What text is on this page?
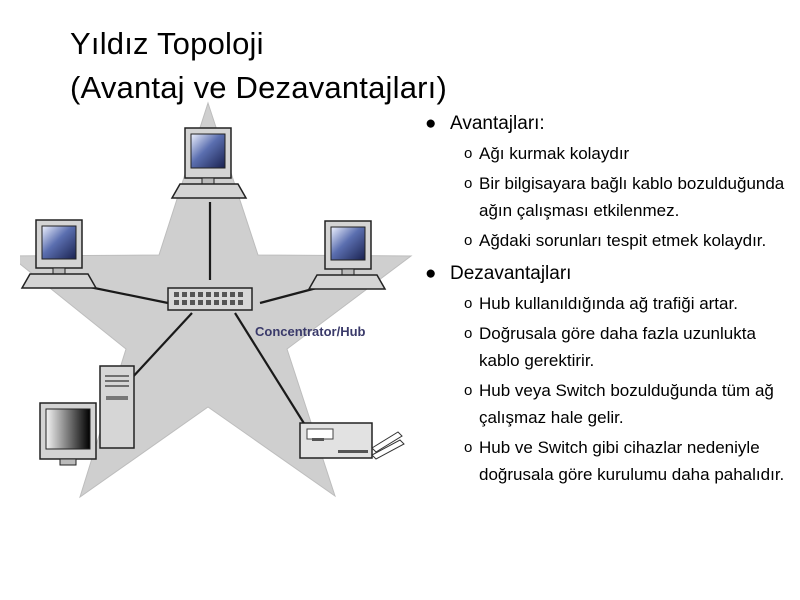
Yıldız Topoloji
(Avantaj ve Dezavantajları)
Concentrator/Hub
● Avantajları:
o Ağı kurmak kolaydır
o Bir bilgisayara bağlı kablo bozulduğunda ağın çalışması etkilenmez.
o Ağdaki sorunları tespit etmek kolaydır.
● Dezavantajları
o Hub kullanıldığında ağ trafiği artar.
o Doğrusala göre daha fazla uzunlukta kablo gerektirir.
o Hub veya Switch bozulduğunda tüm ağ çalışmaz hale gelir.
o Hub ve Switch gibi cihazlar nedeniyle doğrusala göre kurulumu daha pahalıdır.
